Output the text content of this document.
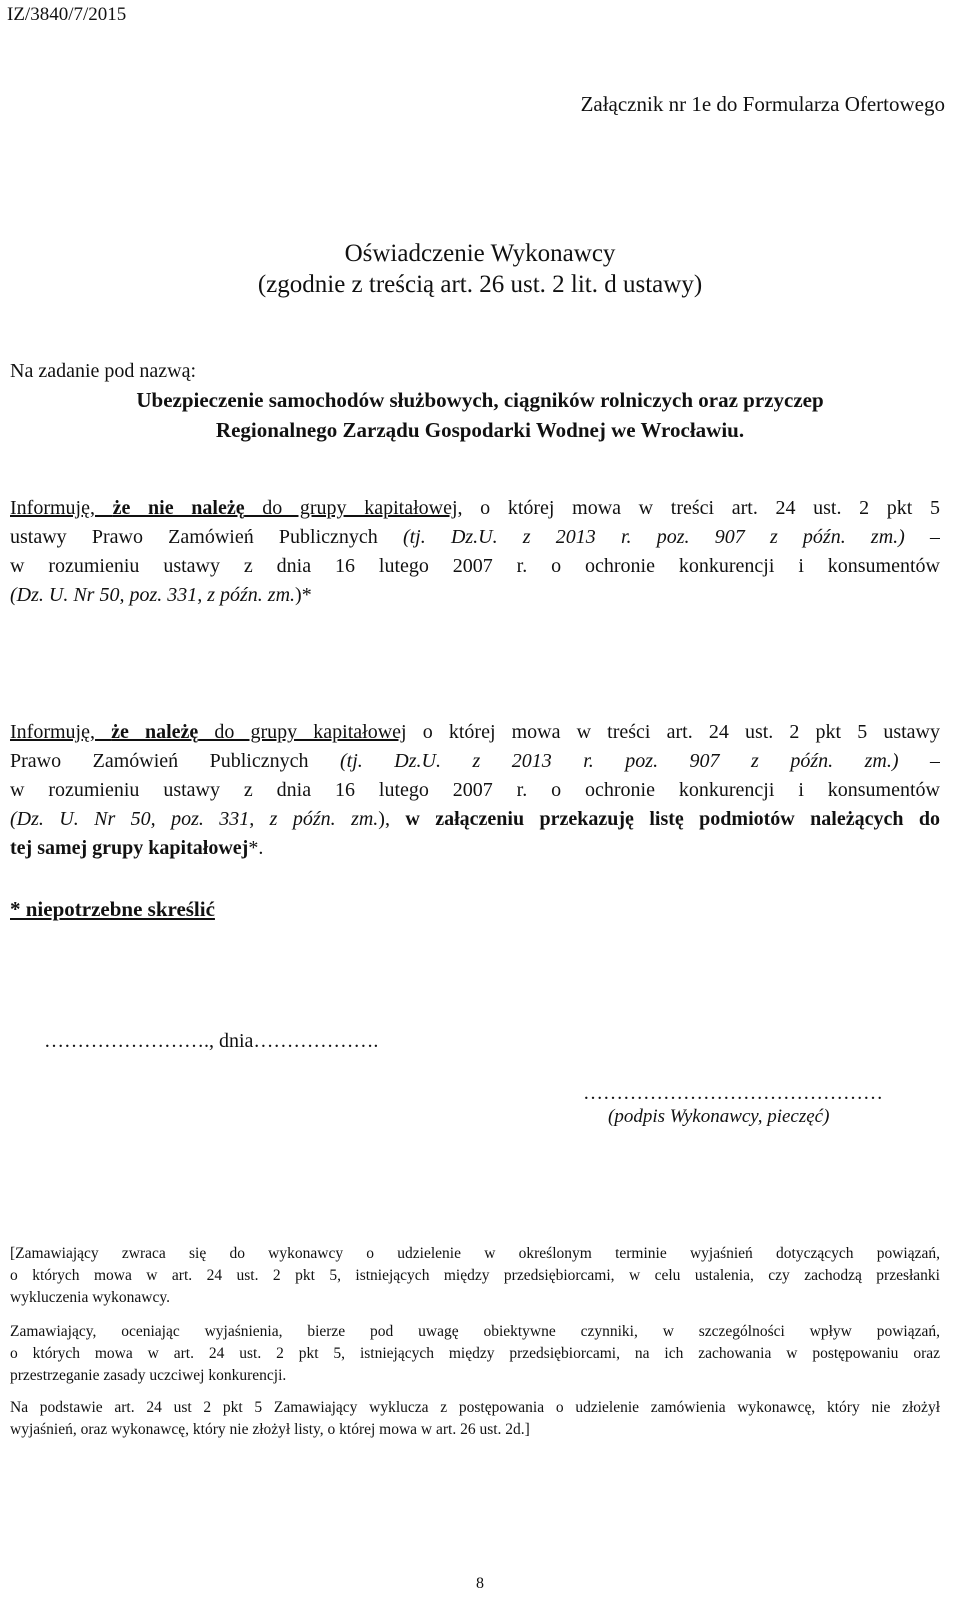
IZ/3840/7/2015
Załącznik nr 1e do Formularza Ofertowego
Oświadczenie Wykonawcy
(zgodnie z treścią art. 26 ust. 2 lit. d ustawy)
Na zadanie pod nazwą:
Ubezpieczenie samochodów służbowych, ciągników rolniczych oraz przyczep
Regionalnego Zarządu Gospodarki Wodnej we Wrocławiu.
Informuję, że nie należę do grupy kapitałowej, o której mowa w treści art. 24 ust. 2 pkt 5
ustawy Prawo Zamówień Publicznych (tj. Dz.U. z 2013 r. poz. 907 z późn. zm.) –
w rozumieniu ustawy z dnia 16 lutego 2007 r. o ochronie konkurencji i konsumentów
(Dz. U. Nr 50, poz. 331, z późn. zm.)*
Informuję, że należę do grupy kapitałowej o której mowa w treści art. 24 ust. 2 pkt 5 ustawy
Prawo Zamówień Publicznych (tj. Dz.U. z 2013 r. poz. 907 z późn. zm.) –
w rozumieniu ustawy z dnia 16 lutego 2007 r. o ochronie konkurencji i konsumentów
(Dz. U. Nr 50, poz. 331, z późn. zm.), w załączeniu przekazuję listę podmiotów należących do
tej samej grupy kapitałowej*.
* niepotrzebne skreślić
……………………., dnia……………….
………………………………………
(podpis Wykonawcy, pieczęć)
[Zamawiający zwraca się do wykonawcy o udzielenie w określonym terminie wyjaśnień dotyczących powiązań,
o których mowa w art. 24 ust. 2 pkt 5, istniejących między przedsiębiorcami, w celu ustalenia, czy zachodzą przesłanki
wykluczenia wykonawcy.
Zamawiający, oceniając wyjaśnienia, bierze pod uwagę obiektywne czynniki, w szczególności wpływ powiązań,
o których mowa w art. 24 ust. 2 pkt 5, istniejących między przedsiębiorcami, na ich zachowania w postępowaniu oraz
przestrzeganie zasady uczciwej konkurencji.
Na podstawie art. 24 ust 2 pkt 5 Zamawiający wyklucza z postępowania o udzielenie zamówienia wykonawcę, który nie złożył
wyjaśnień, oraz wykonawcę, który nie złożył listy, o której mowa w art. 26 ust. 2d.]
8
